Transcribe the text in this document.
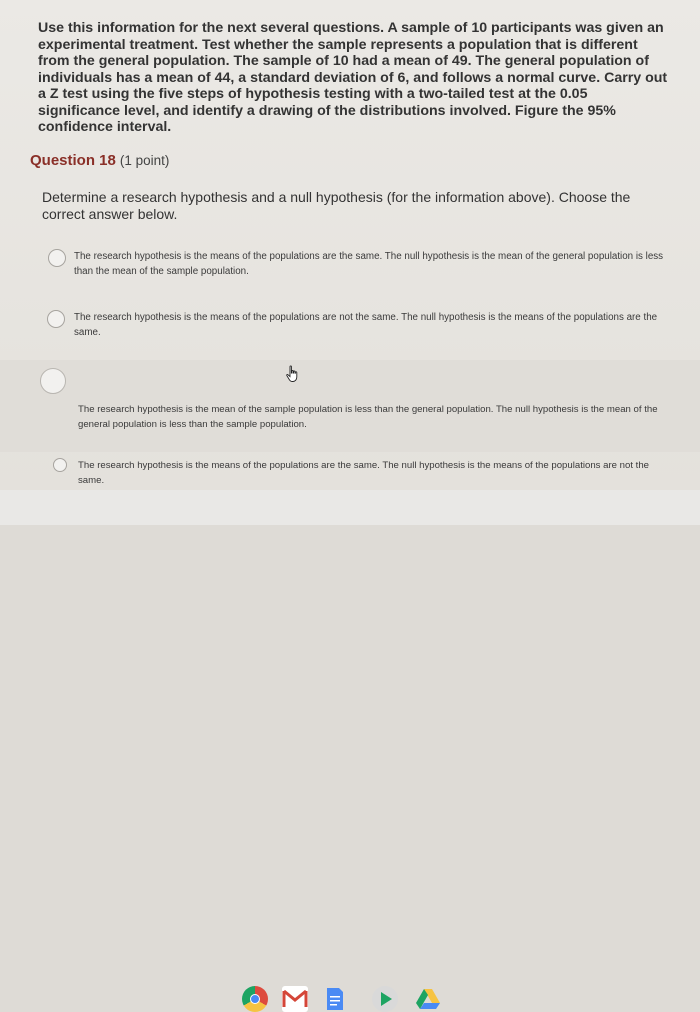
Use this information for the next several questions. A sample of 10 participants was given an experimental treatment. Test whether the sample represents a population that is different from the general population. The sample of 10 had a mean of 49. The general population of individuals has a mean of 44, a standard deviation of 6, and follows a normal curve. Carry out a Z test using the five steps of hypothesis testing with a two-tailed test at the 0.05 significance level, and identify a drawing of the distributions involved. Figure the 95% confidence interval.
Question 18 (1 point)
Determine a research hypothesis and a null hypothesis (for the information above). Choose the correct answer below.
The research hypothesis is the means of the populations are the same. The null hypothesis is the mean of the general population is less than the mean of the sample population.
The research hypothesis is the means of the populations are not the same. The null hypothesis is the means of the populations are the same.
The research hypothesis is the mean of the sample population is less than the general population. The null hypothesis is the mean of the general population is less than the sample population.
The research hypothesis is the means of the populations are the same. The null hypothesis is the means of the populations are not the same.
